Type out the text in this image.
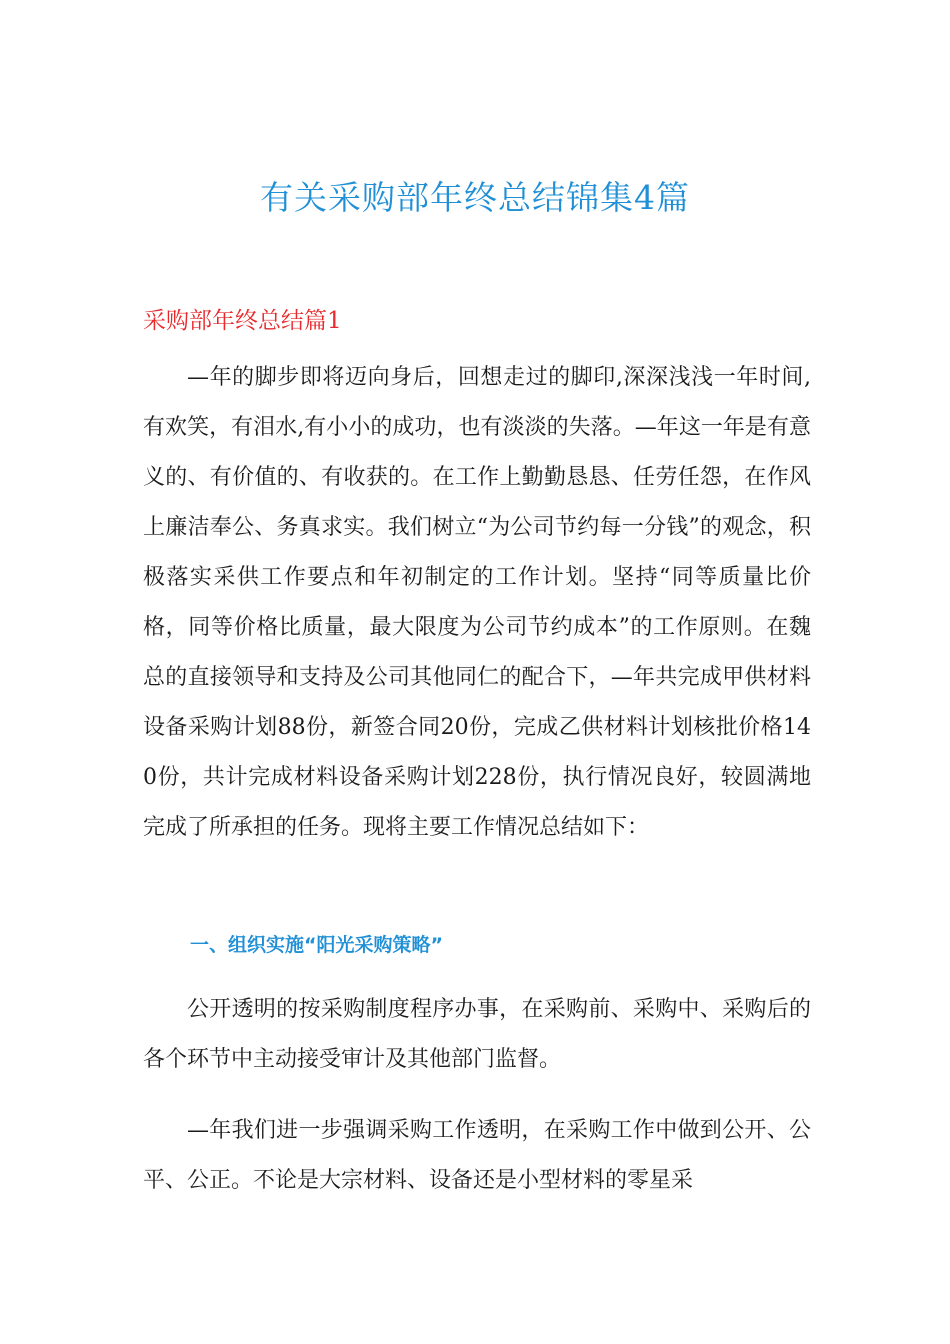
有关采购部年终总结锦集4篇
采购部年终总结篇1

—年的脚步即将迈向身后，回想走过的脚印,深深浅浅一年时间,有欢笑，有泪水,有小小的成功，也有淡淡的失落。—年这一年是有意义的、有价值的、有收获的。在工作上勤勤恳恳、任劳任怨，在作风上廉洁奉公、务真求实。我们树立“为公司节约每一分钱”的观念，积极落实采供工作要点和年初制定的工作计划。坚持“同等质量比价格，同等价格比质量，最大限度为公司节约成本”的工作原则。在魏总的直接领导和支持及公司其他同仁的配合下，—年共完成甲供材料设备采购计划88份，新签合同20份，完成乙供材料计划核批价格140份，共计完成材料设备采购计划228份，执行情况良好，较圆满地完成了所承担的任务。现将主要工作情况总结如下：

一、组织实施“阳光采购策略”

公开透明的按采购制度程序办事，在采购前、采购中、采购后的各个环节中主动接受审计及其他部门监督。

—年我们进一步强调采购工作透明，在采购工作中做到公开、公平、公正。不论是大宗材料、设备还是小型材料的零星采
